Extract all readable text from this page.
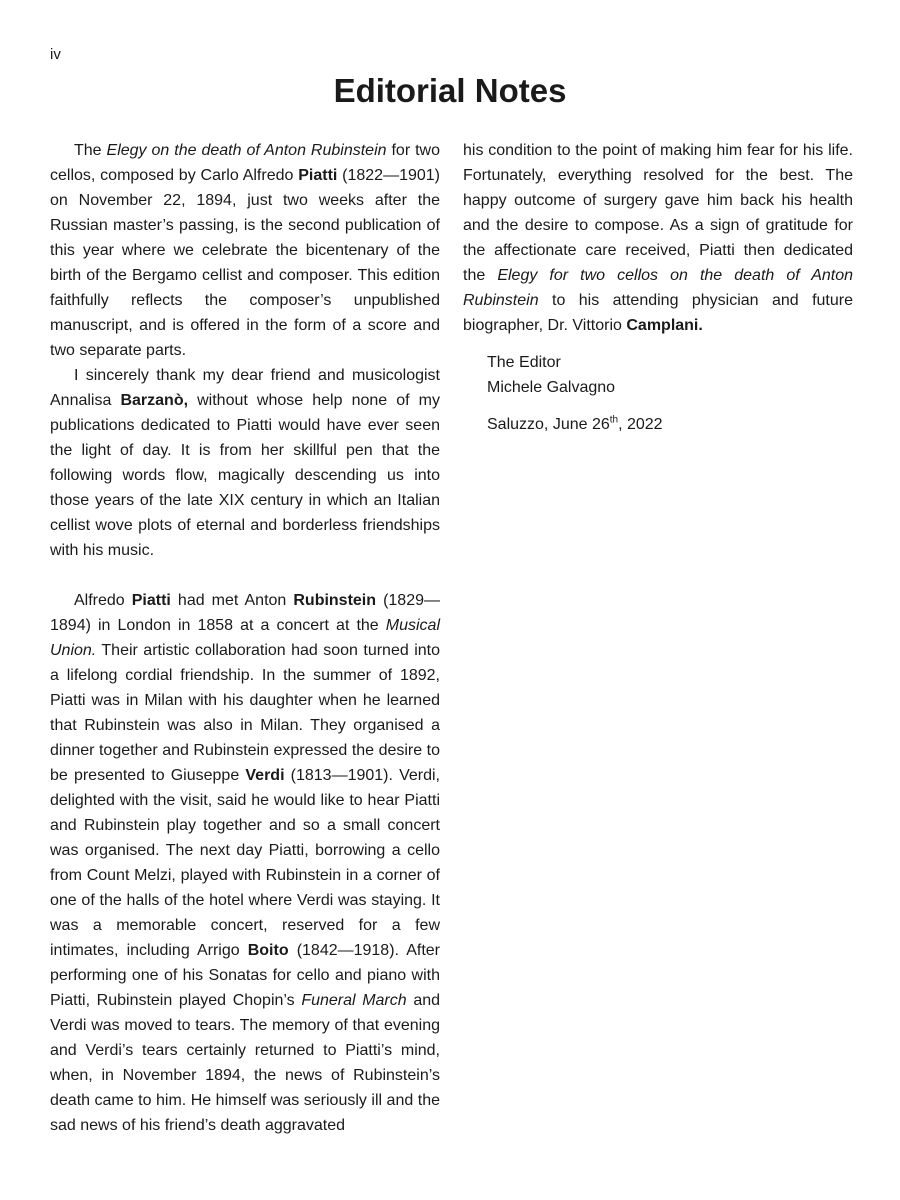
iv
Editorial Notes

The Elegy on the death of Anton Rubinstein for two cellos, composed by Carlo Alfredo Piatti (1822—1901) on November 22, 1894, just two weeks after the Russian master’s passing, is the second publication of this year where we celebrate the bicentenary of the birth of the Bergamo cellist and composer. This edition faithfully reflects the composer’s unpublished manuscript, and is offered in the form of a score and two separate parts.

I sincerely thank my dear friend and musicologist Annalisa Barzanò, without whose help none of my publications dedicated to Piatti would have ever seen the light of day. It is from her skillful pen that the following words flow, magically descending us into those years of the late XIX century in which an Italian cellist wove plots of eternal and borderless friendships with his music.

Alfredo Piatti had met Anton Rubinstein (1829—1894) in London in 1858 at a concert at the Musical Union. Their artistic collaboration had soon turned into a lifelong cordial friendship. In the summer of 1892, Piatti was in Milan with his daughter when he learned that Rubinstein was also in Milan. They organised a dinner together and Rubinstein expressed the desire to be presented to Giuseppe Verdi (1813—1901). Verdi, delighted with the visit, said he would like to hear Piatti and Rubinstein play together and so a small concert was organised. The next day Piatti, borrowing a cello from Count Melzi, played with Rubinstein in a corner of one of the halls of the hotel where Verdi was staying. It was a memorable concert, reserved for a few intimates, including Arrigo Boito (1842—1918). After performing one of his Sonatas for cello and piano with Piatti, Rubinstein played Chopin’s Funeral March and Verdi was moved to tears. The memory of that evening and Verdi’s tears certainly returned to Piatti’s mind, when, in November 1894, the news of Rubinstein’s death came to him. He himself was seriously ill and the sad news of his friend’s death aggravated

his condition to the point of making him fear for his life. Fortunately, everything resolved for the best. The happy outcome of surgery gave him back his health and the desire to compose. As a sign of gratitude for the affectionate care received, Piatti then dedicated the Elegy for two cellos on the death of Anton Rubinstein to his attending physician and future biographer, Dr. Vittorio Camplani.

The Editor
Michele Galvagno
Saluzzo, June 26th, 2022
